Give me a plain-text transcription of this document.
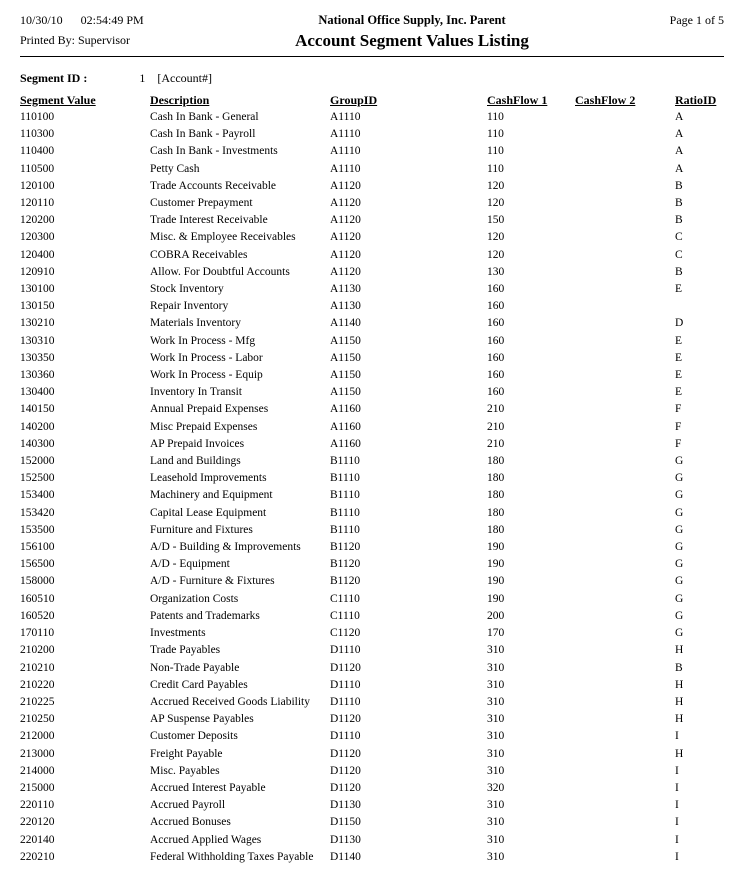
10/30/10 02:54:49 PM
Printed By: Supervisor
National Office Supply, Inc. Parent
Account Segment Values Listing
Page 1 of 5
Segment ID :	1 [Account#]
Segment Value	Description	GroupID	CashFlow 1	CashFlow 2	RatioID
110100	Cash In Bank - General	A1110	110		A
110300	Cash In Bank - Payroll	A1110	110		A
110400	Cash In Bank - Investments	A1110	110		A
110500	Petty Cash	A1110	110		A
120100	Trade Accounts Receivable	A1120	120		B
120110	Customer Prepayment	A1120	120		B
120200	Trade Interest Receivable	A1120	150		B
120300	Misc. & Employee Receivables	A1120	120		C
120400	COBRA Receivables	A1120	120		C
120910	Allow. For Doubtful Accounts	A1120	130		B
130100	Stock Inventory	A1130	160		E
130150	Repair Inventory	A1130	160		
130210	Materials Inventory	A1140	160		D
130310	Work In Process - Mfg	A1150	160		E
130350	Work In Process - Labor	A1150	160		E
130360	Work In Process - Equip	A1150	160		E
130400	Inventory In Transit	A1150	160		E
140150	Annual Prepaid Expenses	A1160	210		F
140200	Misc Prepaid Expenses	A1160	210		F
140300	AP Prepaid Invoices	A1160	210		F
152000	Land and Buildings	B1110	180		G
152500	Leasehold Improvements	B1110	180		G
153400	Machinery and Equipment	B1110	180		G
153420	Capital Lease Equipment	B1110	180		G
153500	Furniture and Fixtures	B1110	180		G
156100	A/D - Building & Improvements	B1120	190		G
156500	A/D - Equipment	B1120	190		G
158000	A/D - Furniture & Fixtures	B1120	190		G
160510	Organization Costs	C1110	190		G
160520	Patents and Trademarks	C1110	200		G
170110	Investments	C1120	170		G
210200	Trade Payables	D1110	310		H
210210	Non-Trade Payable	D1120	310		B
210220	Credit Card Payables	D1110	310		H
210225	Accrued Received Goods Liability	D1110	310		H
210250	AP Suspense Payables	D1120	310		H
212000	Customer Deposits	D1110	310		I
213000	Freight Payable	D1120	310		H
214000	Misc. Payables	D1120	310		I
215000	Accrued Interest Payable	D1120	320		I
220110	Accrued Payroll	D1130	310		I
220120	Accrued Bonuses	D1150	310		I
220140	Accrued Applied Wages	D1130	310		I
220210	Federal Withholding Taxes Payable	D1140	310		I
